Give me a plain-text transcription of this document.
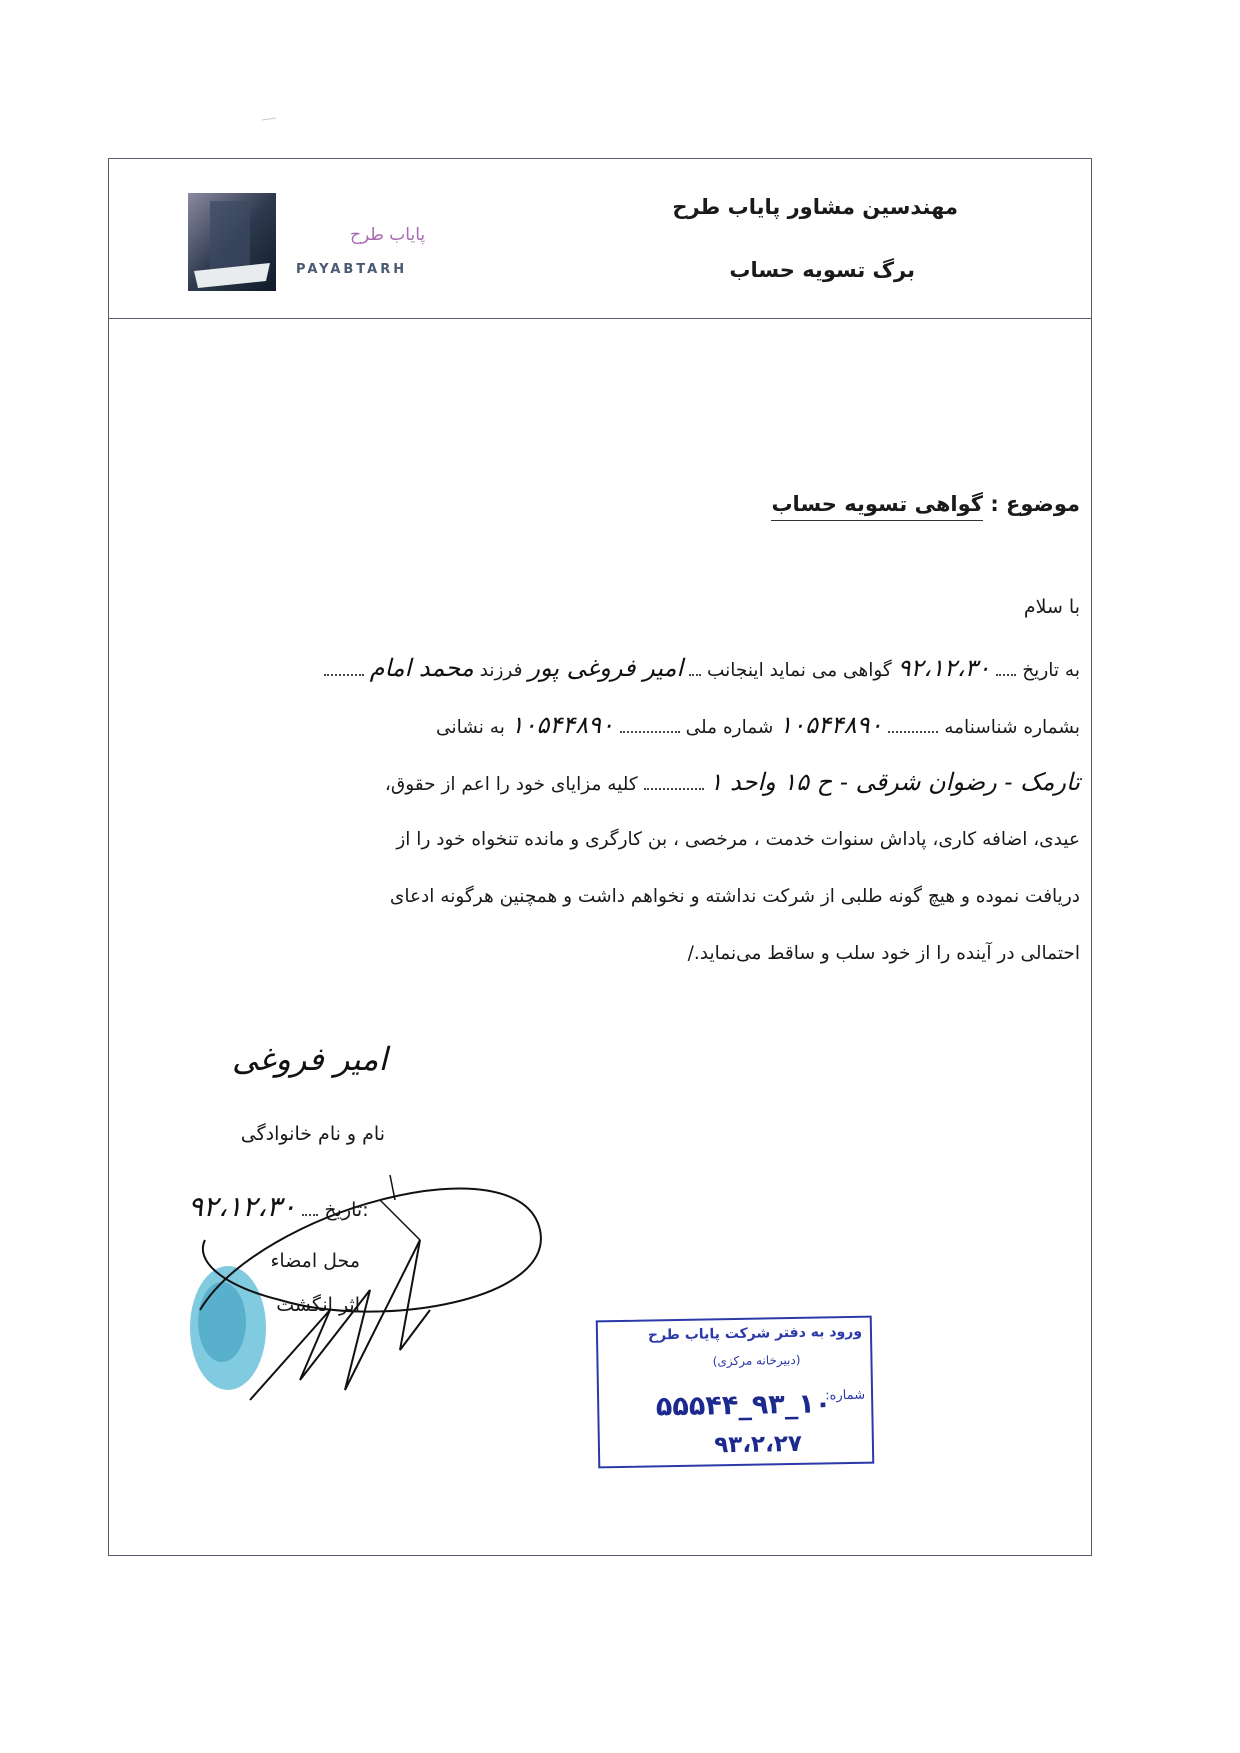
مهندسین مشاور پایاب طرح
برگ تسویه حساب
پایاب طرح
PAYABTARH
موضوع : گواهی تسویه حساب
با سلام
به تاریخ  ۹۲،۱۲،۳۰ گواهی می نماید اینجانب  امیر فروغی پور فرزند محمد امام
بشماره شناسنامه  ۱۰۵۴۴۸۹۰ شماره ملی  ۱۰۵۴۴۸۹۰ به نشانی
تارمک - رضوان شرقی - ح ۱۵ واحد ۱  کلیه مزایای خود را اعم از حقوق،
عیدی، اضافه کاری، پاداش سنوات خدمت ، مرخصی ، بن کارگری و مانده تنخواه خود را از
دریافت نموده و هیچ گونه طلبی از شرکت نداشته و نخواهم داشت و همچنین هرگونه ادعای
احتمالی در آینده را از خود سلب و ساقط می‌نماید./
امیر فروغی
نام و نام خانوادگی
۹۲،۱۲،۳۰ تاریخ:
محل امضاء
اثر انگشت
ورود به دفتر شرکت پایاب طرح
(دبیرخانه مرکزی)
شماره:
۱۰_۹۳_۵۵۵۴۴
۹۳،۲،۲۷
